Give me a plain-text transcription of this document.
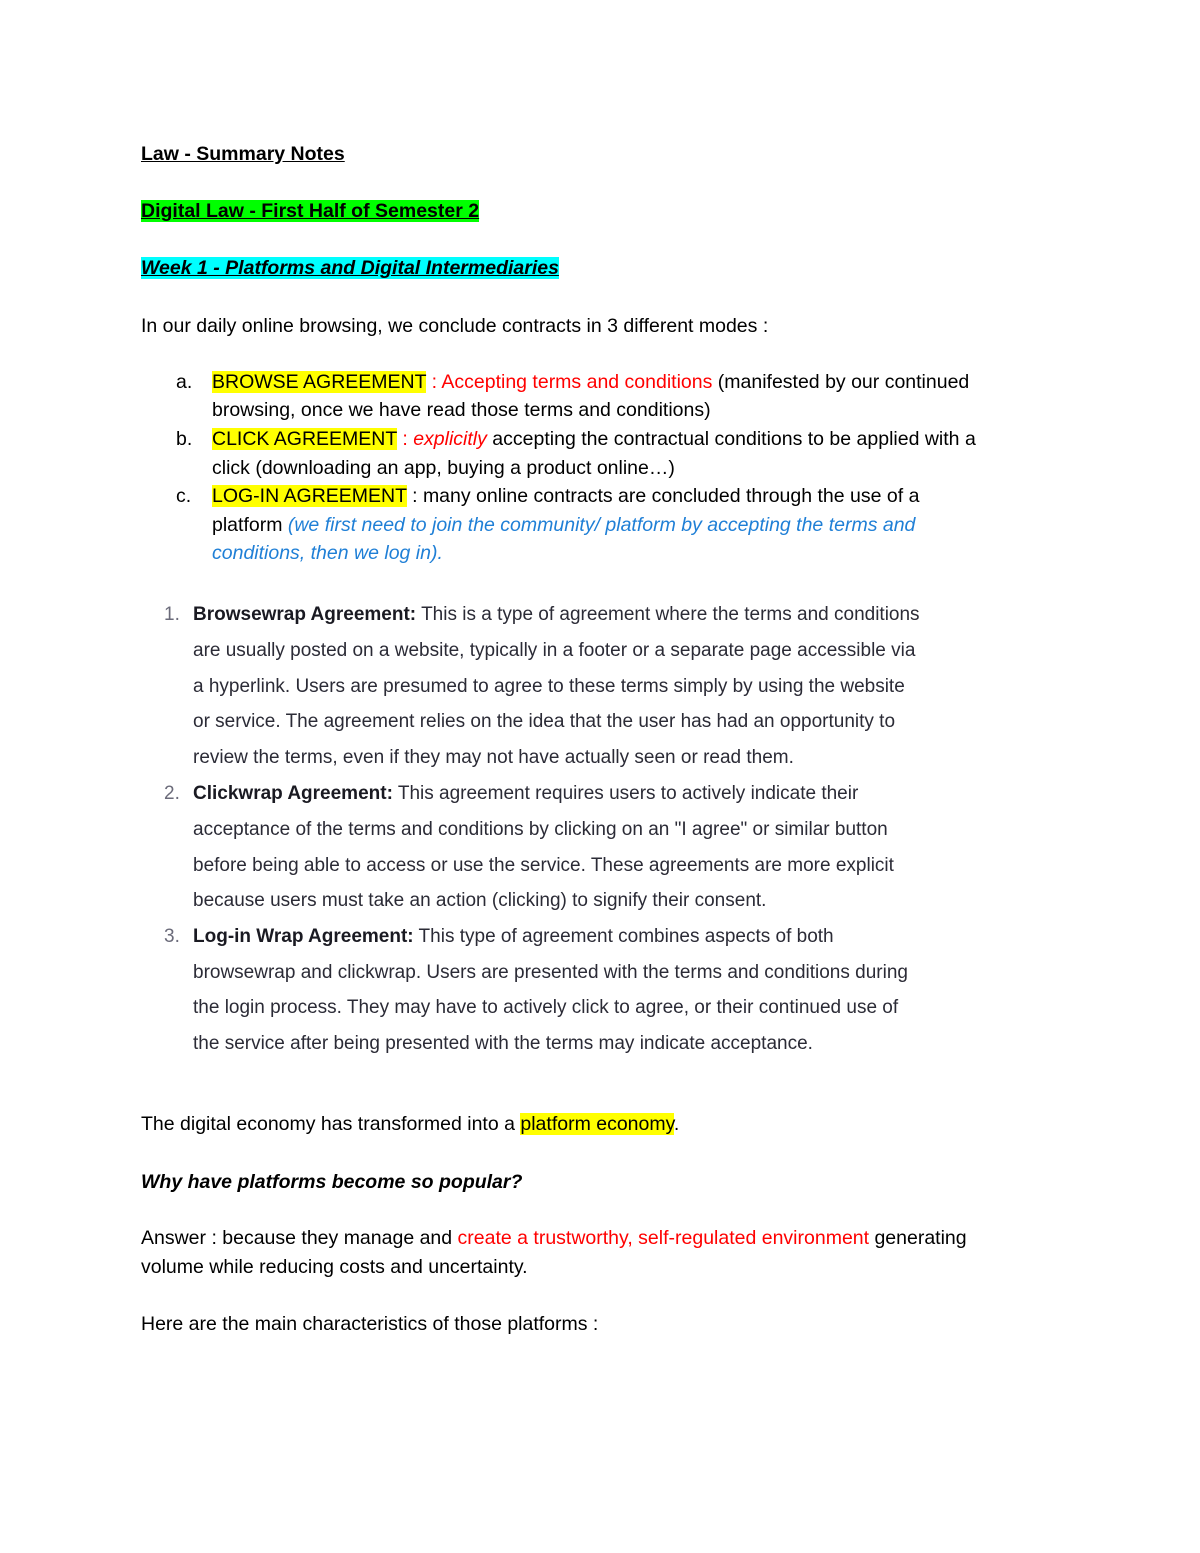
Law - Summary Notes
Digital Law - First Half of Semester 2
Week 1 - Platforms and Digital Intermediaries
In our daily online browsing, we conclude contracts in 3 different modes :
a. BROWSE AGREEMENT : Accepting terms and conditions (manifested by our continued
browsing, once we have read those terms and conditions)
b. CLICK AGREEMENT : explicitly accepting the contractual conditions to be applied with a
click (downloading an app, buying a product online…)
c. LOG-IN AGREEMENT : many online contracts are concluded through the use of a
platform (we first need to join the community/ platform by accepting the terms and
conditions, then we log in).
1. Browsewrap Agreement: This is a type of agreement where the terms and conditions
are usually posted on a website, typically in a footer or a separate page accessible via
a hyperlink. Users are presumed to agree to these terms simply by using the website
or service. The agreement relies on the idea that the user has had an opportunity to
review the terms, even if they may not have actually seen or read them.
2. Clickwrap Agreement: This agreement requires users to actively indicate their
acceptance of the terms and conditions by clicking on an "I agree" or similar button
before being able to access or use the service. These agreements are more explicit
because users must take an action (clicking) to signify their consent.
3. Log-in Wrap Agreement: This type of agreement combines aspects of both
browsewrap and clickwrap. Users are presented with the terms and conditions during
the login process. They may have to actively click to agree, or their continued use of
the service after being presented with the terms may indicate acceptance.
The digital economy has transformed into a platform economy.
Why have platforms become so popular?
Answer : because they manage and create a trustworthy, self-regulated environment generating
volume while reducing costs and uncertainty.
Here are the main characteristics of those platforms :
